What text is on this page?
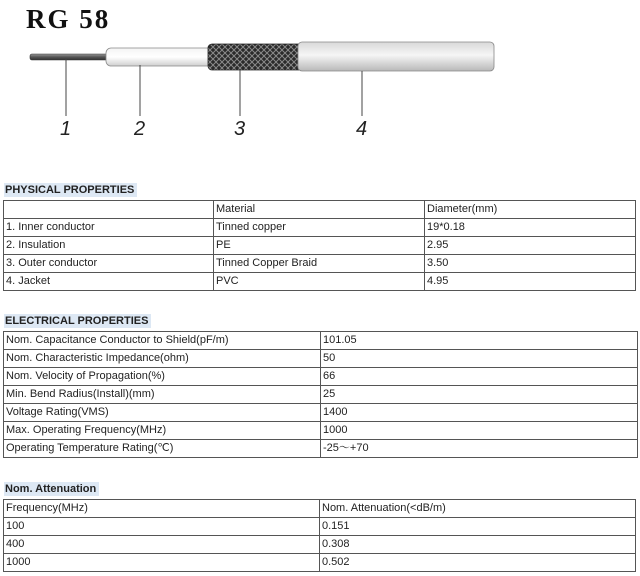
RG 58
1	2	3	4
PHYSICAL PROPERTIES
	Material	Diameter(mm)
1. Inner conductor	Tinned copper	19*0.18
2. Insulation	PE	2.95
3. Outer conductor	Tinned Copper Braid	3.50
4. Jacket	PVC	4.95
ELECTRICAL PROPERTIES
Nom. Capacitance Conductor to Shield(pF/m)	101.05
Nom. Characteristic Impedance(ohm)	50
Nom. Velocity of Propagation(%)	66
Min. Bend Radius(Install)(mm)	25
Voltage Rating(VMS)	1400
Max. Operating Frequency(MHz)	1000
Operating Temperature Rating(℃)	-25～+70
Nom. Attenuation
Frequency(MHz)	Nom. Attenuation(<dB/m)
100	0.151
400	0.308
1000	0.502
